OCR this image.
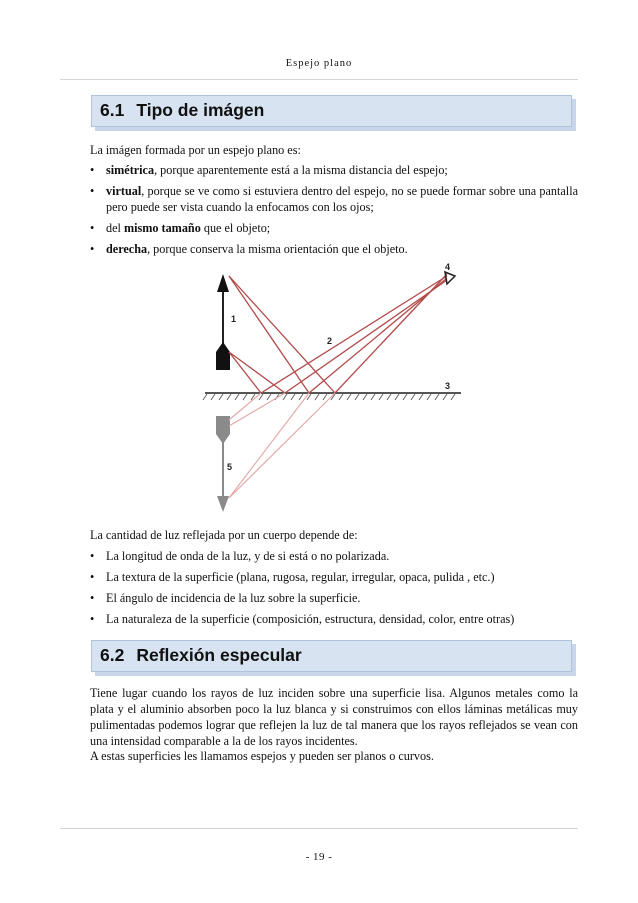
Espejo plano
6.1 Tipo de imágen
La imágen formada por un espejo plano es:
• simétrica, porque aparentemente está a la misma distancia del espejo;
• virtual, porque se ve como si estuviera dentro del espejo, no se puede formar sobre una pantalla pero puede ser vista cuando la enfocamos con los ojos;
• del mismo tamaño que el objeto;
• derecha, porque conserva la misma orientación que el objeto.
1
2
3
4
5
La cantidad de luz reflejada por un cuerpo depende de:
• La longitud de onda de la luz, y de si está o no polarizada.
• La textura de la superficie (plana, rugosa, regular, irregular, opaca, pulida , etc.)
• El ángulo de incidencia de la luz sobre la superficie.
• La naturaleza de la superficie (composición, estructura, densidad, color, entre otras)
6.2 Reflexión especular
Tiene lugar cuando los rayos de luz inciden sobre una superficie lisa. Algunos metales como la plata y el aluminio absorben poco la luz blanca y si construimos con ellos láminas metálicas muy pulimentadas podemos lograr que reflejen la luz de tal manera que los rayos reflejados se vean con una intensidad comparable a la de los rayos incidentes.
A estas superficies les llamamos espejos y pueden ser planos o curvos.
- 19 -
